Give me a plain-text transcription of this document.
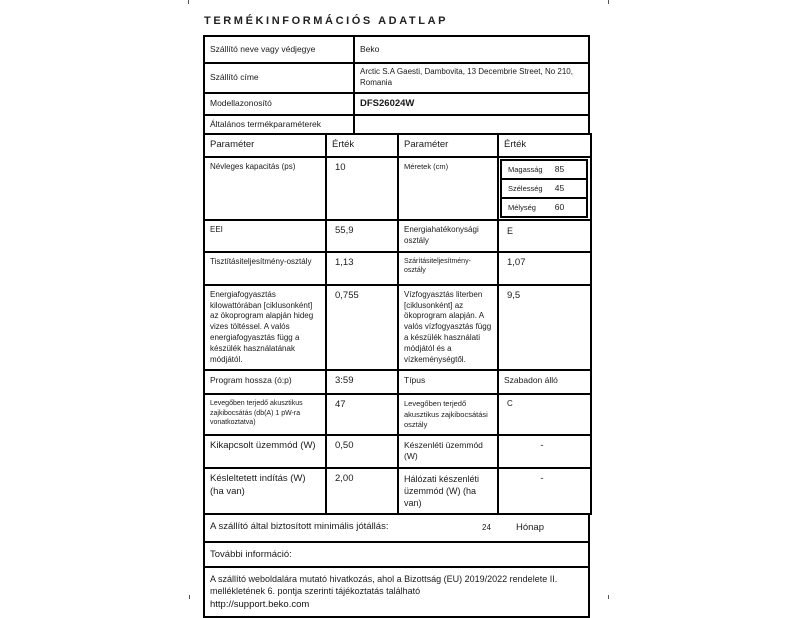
TERMÉKINFORMÁCIÓS ADATLAP
Szállító neve vagy védjegye	Beko
Szállító címe	Arctic S.A Gaesti, Dambovita, 13 Decembrie Street, No 210, Romania
Modellazonosító	DFS26024W
Általános termékparaméterek	
Paraméter	Érték	Paraméter	Érték
Névleges kapacitás (ps)	10	Méretek (cm)		Magasság	85
Szélesség	45
Mélység	60

EEI	55,9	Energiahatékonysági osztály	E
Tisztításiteljesítmény-osztály	1,13	Szárításiteljesítmény-osztály	1,07
Energiafogyasztás kilowattórában [ciklusonként] az ökoprogram alapján hideg vizes töltéssel. A valós energiafogyasztás függ a készülék használatának módjától.	0,755	Vízfogyasztás literben [ciklusonként] az ökoprogram alapján. A valós vízfogyasztás függ a készülék használati módjától és a vízkeménységtől.	9,5
Program hossza (ó:p)	3:59	Típus	Szabadon álló
Levegőben terjedő akusztikus zajkibocsátás (db(A) 1 pW-ra vonatkoztatva)	47	Levegőben terjedő akusztikus zajkibocsátási osztály	C
Kikapcsolt üzemmód (W)	0,50	Készenléti üzemmód (W)	-
Késleltetett indítás (W) (ha van)	2,00	Hálózati készenléti üzemmód (W) (ha van)	-
A szállító által biztosított minimális jótállás:	24	Hónap

További információ:

A szállító weboldalára mutató hivatkozás, ahol a Bizottság (EU) 2019/2022 rendelete II. mellékletének 6. pontja szerinti tájékoztatás található
http://support.beko.com
